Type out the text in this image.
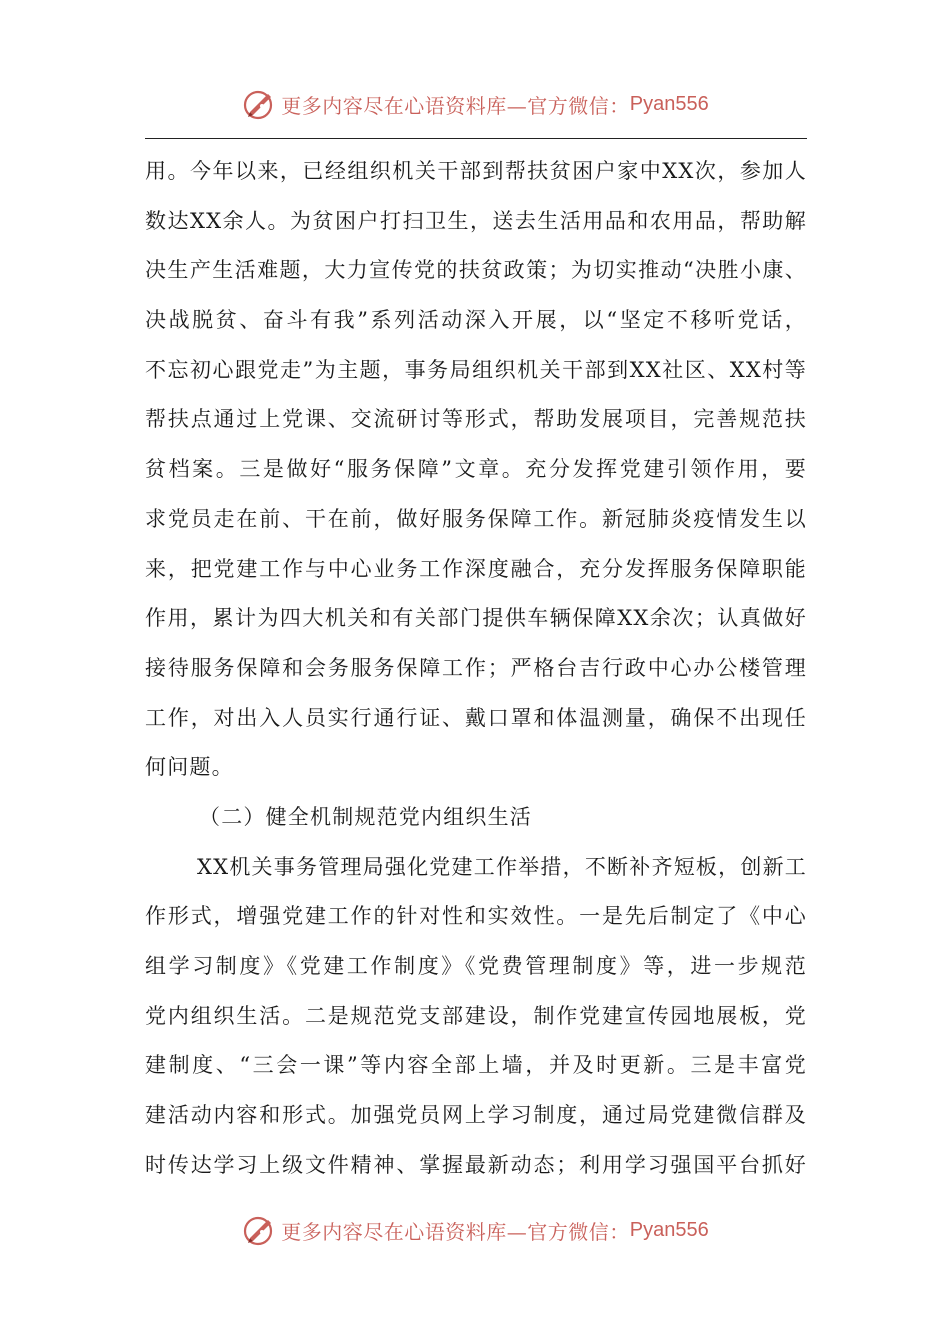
更多内容尽在心语资料库—官方微信： Pyan556
用。今年以来，已经组织机关干部到帮扶贫困户家中XX次，参加人
数达XX余人。为贫困户打扫卫生，送去生活用品和农用品，帮助解
决生产生活难题，大力宣传党的扶贫政策；为切实推动“决胜小康、
决战脱贫、奋斗有我”系列活动深入开展，以“坚定不移听党话，
不忘初心跟党走”为主题，事务局组织机关干部到XX社区、XX村等
帮扶点通过上党课、交流研讨等形式，帮助发展项目，完善规范扶
贫档案。三是做好“服务保障”文章。充分发挥党建引领作用，要
求党员走在前、干在前，做好服务保障工作。新冠肺炎疫情发生以
来，把党建工作与中心业务工作深度融合，充分发挥服务保障职能
作用，累计为四大机关和有关部门提供车辆保障XX余次；认真做好
接待服务保障和会务服务保障工作；严格台吉行政中心办公楼管理
工作，对出入人员实行通行证、戴口罩和体温测量，确保不出现任
何问题。
（二）健全机制规范党内组织生活
XX机关事务管理局强化党建工作举措，不断补齐短板，创新工
作形式，增强党建工作的针对性和实效性。一是先后制定了《中心
组学习制度》《党建工作制度》《党费管理制度》等，进一步规范
党内组织生活。二是规范党支部建设，制作党建宣传园地展板，党
建制度、“三会一课”等内容全部上墙，并及时更新。三是丰富党
建活动内容和形式。加强党员网上学习制度，通过局党建微信群及
时传达学习上级文件精神、掌握最新动态；利用学习强国平台抓好
更多内容尽在心语资料库—官方微信： Pyan556
